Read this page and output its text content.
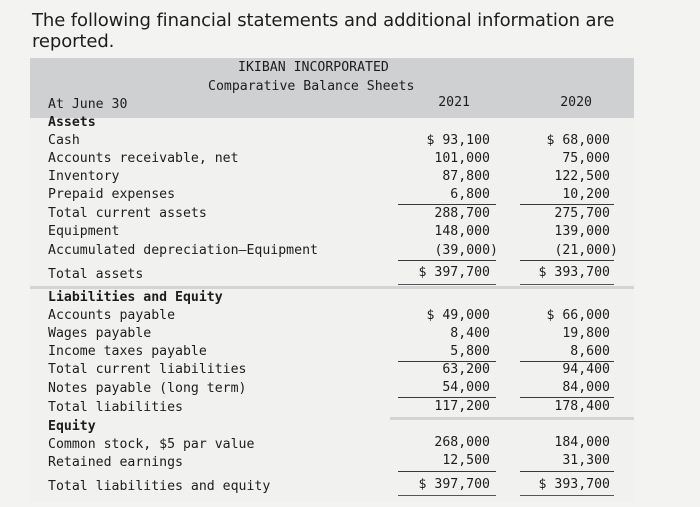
The following financial statements and additional information are reported.
IKIBAN INCORPORATED
Comparative Balance Sheets
At June 30	2021	2020
Assets
Cash	$ 93,100	$ 68,000
Accounts receivable, net	101,000	75,000
Inventory	87,800	122,500
Prepaid expenses	6,800	10,200
Total current assets	288,700	275,700
Equipment	148,000	139,000
Accumulated depreciation—Equipment	(39,000)	(21,000)
Total assets	$ 397,700	$ 393,700
Liabilities and Equity
Accounts payable	$ 49,000	$ 66,000
Wages payable	8,400	19,800
Income taxes payable	5,800	8,600
Total current liabilities	63,200	94,400
Notes payable (long term)	54,000	84,000
Total liabilities	117,200	178,400
Equity
Common stock, $5 par value	268,000	184,000
Retained earnings	12,500	31,300
Total liabilities and equity	$ 397,700	$ 393,700
